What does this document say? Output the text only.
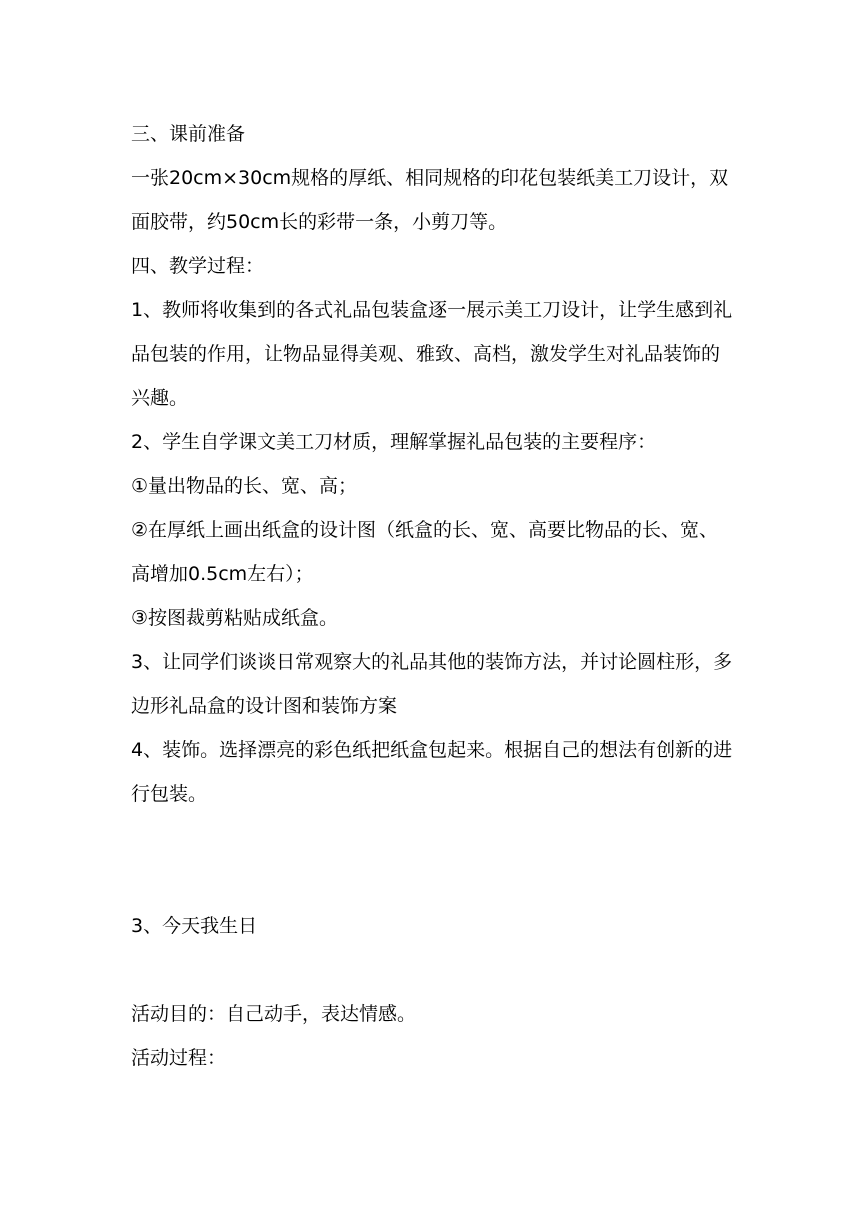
三、课前准备

一张20cm×30cm规格的厚纸、相同规格的印花包装纸美工刀设计，双面胶带，约50cm长的彩带一条，小剪刀等。

四、教学过程：

1、教师将收集到的各式礼品包装盒逐一展示美工刀设计，让学生感到礼品包装的作用，让物品显得美观、雅致、高档，激发学生对礼品装饰的兴趣。

2、学生自学课文美工刀材质，理解掌握礼品包装的主要程序：

①量出物品的长、宽、高；

②在厚纸上画出纸盒的设计图（纸盒的长、宽、高要比物品的长、宽、高增加0.5cm左右）；

③按图裁剪粘贴成纸盒。

3、让同学们谈谈日常观察大的礼品其他的装饰方法，并讨论圆柱形，多边形礼品盒的设计图和装饰方案

4、装饰。选择漂亮的彩色纸把纸盒包起来。根据自己的想法有创新的进行包装。

3、今天我生日

活动目的：自己动手，表达情感。

活动过程：
